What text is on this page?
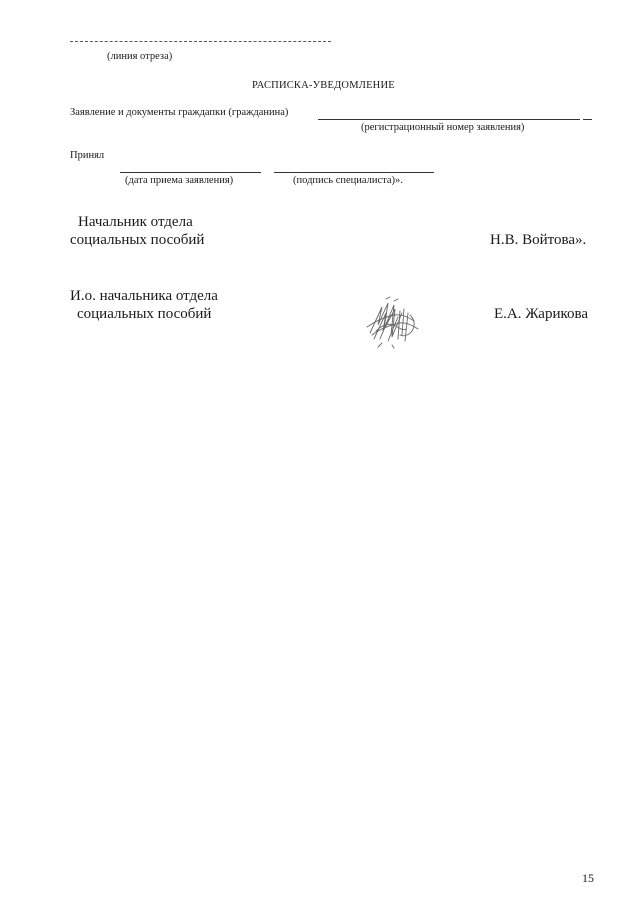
(линия отреза)
РАСПИСКА-УВЕДОМЛЕНИЕ
Заявление и документы граждапки (гражданина)
(регистрационный номер заявления)
Принял
(дата приема заявления)	(подпись специалиста)».
Начальник отдела
социальных пособий	Н.В. Войтова».
И.о. начальника отдела
социальных пособий	Е.А. Жарикова
15
